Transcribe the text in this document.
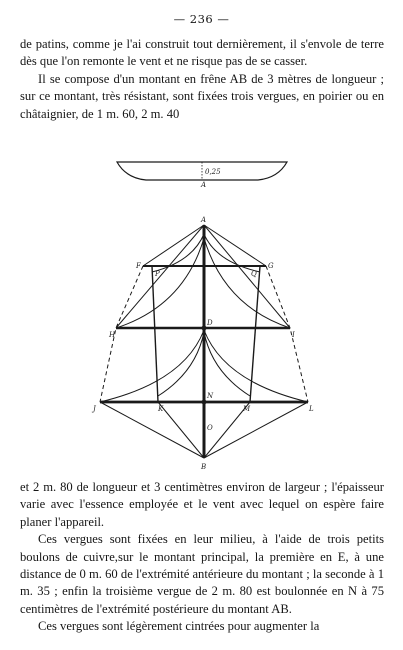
— 236 —

de patins, comme je l'ai construit tout dernièrement, il s'envole de terre dès que l'on remonte le vent et ne risque pas de se casser.

Il se compose d'un montant en frêne AB de 3 mètres de longueur ; sur ce montant, très résistant, sont fixées trois vergues, en poirier ou en châtaignier, de 1 m. 60, 2 m. 40

0,25
A
A
F
P	Q
G
D
H	I
N
J	K	M	L
O
B

et 2 m. 80 de longueur et 3 centimètres environ de largeur ; l'épaisseur varie avec l'essence employée et le vent avec lequel on espère faire planer l'appareil.

Ces vergues sont fixées en leur milieu, à l'aide de trois petits boulons de cuivre,sur le montant principal, la première en E, à une distance de 0 m. 60 de l'extrémité antérieure du montant ; la seconde à 1 m. 35 ; enfin la troisième vergue de 2 m. 80 est boulonnée en N à 75 centimètres de l'extrémité postérieure du montant AB.

Ces vergues sont légèrement cintrées pour augmenter la
